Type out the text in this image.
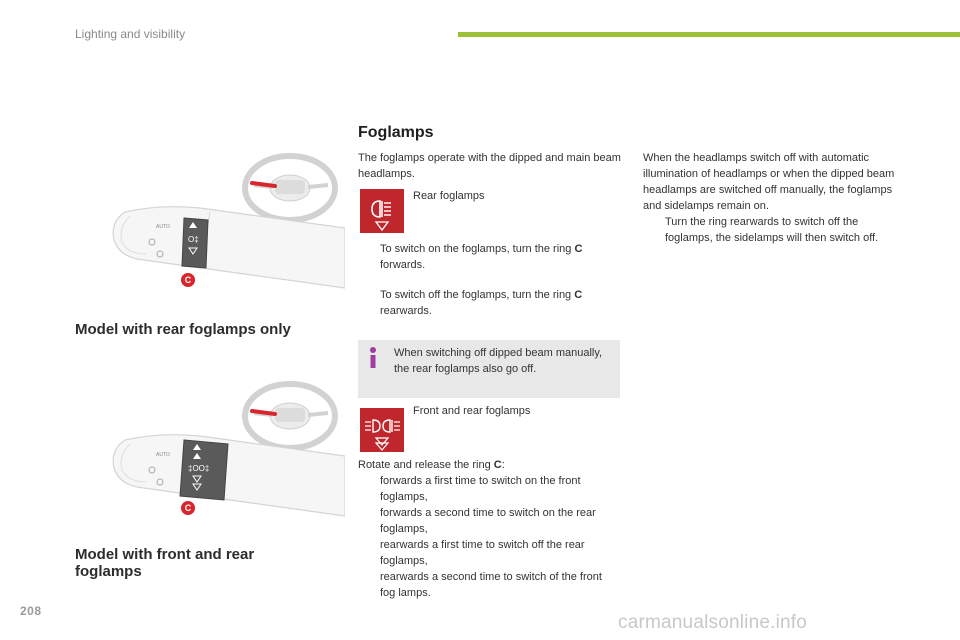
Lighting and visibility
AUTO
O‡
C
Model with rear foglamps only
AUTO
‡OO‡
C
Model with front and rear foglamps
Foglamps
The foglamps operate with the dipped and main beam headlamps.
Rear foglamps
To switch on the foglamps, turn the ring C
forwards.
To switch off the foglamps, turn the ring C
rearwards.
When switching off dipped beam manually, the rear foglamps also go off.
Front and rear foglamps
Rotate and release the ring C:
forwards a first time to switch on the front foglamps,
forwards a second time to switch on the rear foglamps,
rearwards a first time to switch off the rear foglamps,
rearwards a second time to switch of the front fog lamps.
When the headlamps switch off with automatic illumination of headlamps or when the dipped beam headlamps are switched off manually, the foglamps and sidelamps remain on.
Turn the ring rearwards to switch off the foglamps, the sidelamps will then switch off.
208
carmanualsonline.info
